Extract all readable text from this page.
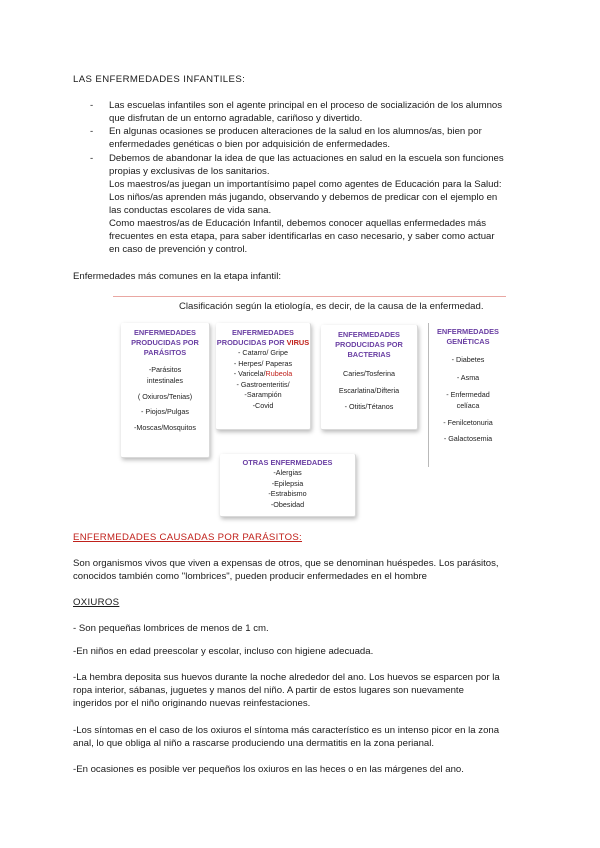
LAS ENFERMEDADES INFANTILES:
- Las escuelas infantiles son el agente principal en el proceso de socialización de los alumnos
que disfrutan de un entorno agradable, cariñoso y divertido.
- En algunas ocasiones se producen alteraciones de la salud en los alumnos/as, bien por
enfermedades genéticas o bien por adquisición de enfermedades.
- Debemos de abandonar la idea de que las actuaciones en salud en la escuela son funciones
propias y exclusivas de los sanitarios.
Los maestros/as juegan un importantísimo papel como agentes de Educación para la Salud:
Los niños/as aprenden más jugando, observando y debemos de predicar con el ejemplo en
las conductas escolares de vida sana.
Como maestros/as de Educación Infantil, debemos conocer aquellas enfermedades más
frecuentes en esta etapa, para saber identificarlas en caso necesario, y saber como actuar
en caso de prevención y control.
Enfermedades más comunes en la etapa infantil:
Clasificación según la etiología, es decir, de la causa de la enfermedad.
ENFERMEDADES
PRODUCIDAS POR
PARÁSITOS
-Parásitos
intestinales
( Oxiuros/Tenias)
- Piojos/Pulgas
-Moscas/Mosquitos
ENFERMEDADES
PRODUCIDAS POR VIRUS
- Catarro/ Gripe
- Herpes/ Paperas
- Varicela/Rubeola
- Gastroenteritis/
-Sarampión
-Covid
ENFERMEDADES
PRODUCIDAS POR
BACTERIAS
Caries/Tosferina
Escarlatina/Difteria
- Otitis/Tétanos
ENFERMEDADES
GENÉTICAS
- Diabetes
- Asma
- Enfermedad
celíaca
- Fenilcetonuria
- Galactosemia
OTRAS ENFERMEDADES
-Alergias
-Epilepsia
-Estrabismo
-Obesidad
ENFERMEDADES CAUSADAS POR PARÁSITOS:
Son organismos vivos que viven a expensas de otros, que se denominan huéspedes. Los parásitos,
conocidos también como "lombrices", pueden producir enfermedades en el hombre
OXIUROS
- Son pequeñas lombrices de menos de 1 cm.
-En niños en edad preescolar y escolar, incluso con higiene adecuada.
-La hembra deposita sus huevos durante la noche alrededor del ano. Los huevos se esparcen por la
ropa interior, sábanas, juguetes y manos del niño. A partir de estos lugares son nuevamente
ingeridos por el niño originando nuevas reinfestaciones.
-Los síntomas en el caso de los oxiuros el síntoma más característico es un intenso picor en la zona
anal, lo que obliga al niño a rascarse produciendo una dermatitis en la zona perianal.
-En ocasiones es posible ver pequeños los oxiuros en las heces o en las márgenes del ano.
